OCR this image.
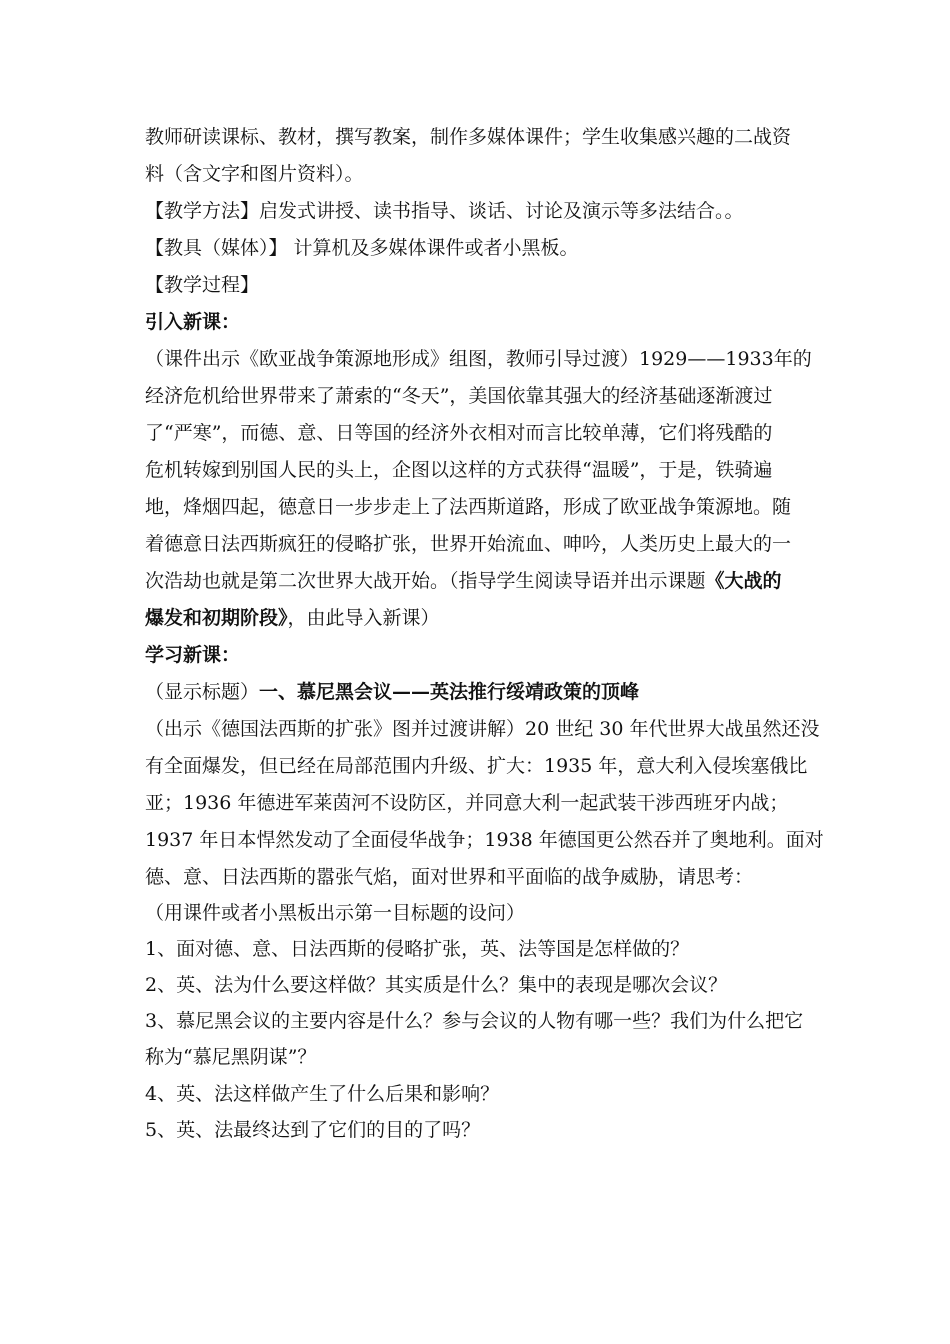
教师研读课标、教材，撰写教案，制作多媒体课件；学生收集感兴趣的二战资
料（含文字和图片资料）。
【教学方法】启发式讲授、读书指导、谈话、讨论及演示等多法结合。。
【教具（媒体）】 计算机及多媒体课件或者小黑板。
【教学过程】
引入新课：
（课件出示《欧亚战争策源地形成》组图，教师引导过渡）1929——1933年的
经济危机给世界带来了萧索的“冬天”，美国依靠其强大的经济基础逐渐渡过
了“严寒”，而德、意、日等国的经济外衣相对而言比较单薄，它们将残酷的
危机转嫁到别国人民的头上，企图以这样的方式获得“温暖”，于是，铁骑遍
地，烽烟四起，德意日一步步走上了法西斯道路，形成了欧亚战争策源地。随
着德意日法西斯疯狂的侵略扩张，世界开始流血、呻吟，人类历史上最大的一
次浩劫也就是第二次世界大战开始。（指导学生阅读导语并出示课题《大战的
爆发和初期阶段》，由此导入新课）
学习新课：
（显示标题）一、慕尼黑会议——英法推行绥靖政策的顶峰
（出示《德国法西斯的扩张》图并过渡讲解）20 世纪 30 年代世界大战虽然还没
有全面爆发，但已经在局部范围内升级、扩大：1935 年，意大利入侵埃塞俄比
亚；1936 年德进军莱茵河不设防区，并同意大利一起武装干涉西班牙内战；
1937 年日本悍然发动了全面侵华战争；1938 年德国更公然吞并了奥地利。面对
德、意、日法西斯的嚣张气焰，面对世界和平面临的战争威胁，请思考：
（用课件或者小黑板出示第一目标题的设问）
1、面对德、意、日法西斯的侵略扩张，英、法等国是怎样做的？
2、英、法为什么要这样做？其实质是什么？集中的表现是哪次会议？
3、慕尼黑会议的主要内容是什么？参与会议的人物有哪一些？我们为什么把它
称为“慕尼黑阴谋”？
4、英、法这样做产生了什么后果和影响？
5、英、法最终达到了它们的目的了吗？
